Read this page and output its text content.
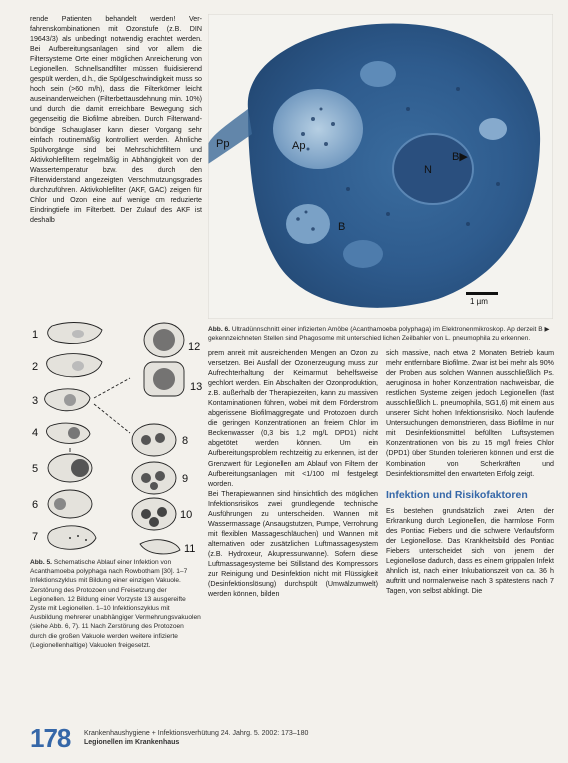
rende Patienten behandelt werden! Verfahrenskombinationen mit Ozonstufe (z.B. DIN 19643/3) als unbedingt notwendig erachtet werden. Bei Aufbereitungsanlagen sind vor allem die Filtersysteme Orte einer möglichen Anreicherung von Legionellen. Schnellsandfilter müssen fluidisierend gespült werden, d.h., die Spülgeschwindigkeit muss so hoch sein (>60 m/h), dass die Filterkörner leicht auseinanderweichen (Filterbettausdehnung min. 10%) und durch die damit erreichbare Bewegung sich gegenseitig die Biofilme abreiben. Durch Filterwand-bündige Schauglaser kann dieser Vorgang sehr einfach routinemäßig kontrolliert werden. Ähnliche Spülvorgänge sind bei Mehrschichtfiltern und Aktivkohlefiltern regelmäßig in Abhängigkeit von der Wassertemperatur bzw. des durch den Filterwiderstand angezeigten Verschmutzungsgrades durchzuführen. Aktivkohlefilter (AKF, GAC) zeigen für Chlor und Ozon eine auf wenige cm reduzierte Eindringtiefe im Filterbett. Der Zulauf des AKF ist deshalb

Pp	Ap
B▶
N
B
1 µm
Abb. 6. Ultradünnschnitt einer infizierten Amöbe (Acanthamoeba polyphaga) im Elektronenmikroskop. Ap derzeit B ▶ gekennzeichneten Stellen sind Phagosome mit unterschied lichen Zeilbahler von L. pneumophila zu erkennen.
1
2
3
4
5
6
7
8
9
10
11
12
13
Abb. 5. Schematische Ablauf einer Infektion von Acanthamoeba polyphaga nach Rowbotham [30]. 1–7 Infektionszyklus mit Bildung einer einzigen Vakuole. Zerstörung des Protozoen und Freisetzung der Legionellen. 12 Bildung einer Vorzyste 13 ausgereifte Zyste mit Legionellen. 1–10 Infektionszyklus mit Ausbildung mehrerer unabhängiger Vermehrungsvakuolen (siehe Abb. 6, 7). 11 Nach Zerstörung des Protozoen durch die großen Vakuole werden weitere infizierte (Legionellenhaltige) Vakuolen freigesetzt.

prem anreit mit ausreichenden Mengen an Ozon zu versetzen. Bei Ausfall der Ozonerzeugung muss zur Aufrechterhaltung der Keimarmut behelfsweise gechlort werden. Ein Abschalten der Ozonproduktion, z.B. außerhalb der Therapiezeiten, kann zu massiven Kontaminationen führen, wobei mit dem Förderstrom abgerissene Biofilmaggregate und Protozoen durch die geringen Konzentrationen an freiem Chlor im Beckenwasser (0,3 bis 1,2 mg/L DPD1) nicht abgetötet werden können. Um ein Aufbereitungsproblem rechtzeitig zu erkennen, ist der Grenzwert für Legionellen am Ablauf von Filtern der Aufbereitungsanlagen mit <1/100 ml festgelegt worden.

Bei Therapiewannen sind hinsichtlich des möglichen Infektionsrisikos zwei grundlegende technische Ausführungen zu unterscheiden. Wannen mit Wassermassage (Ansaugstutzen, Pumpe, Verrohrung mit flexiblen Massageschläuchen) und Wannen mit alternativen oder zusätzlichen Luftmassagesystem (z.B. Hydroxeur, Akupressurwanne). Sofern diese Luftmassagesysteme bei Stillstand des Kompressors zur Reinigung und Desinfektion nicht mit Flüssigkeit (Desinfektionslösung) durchspült (Umwälzumwelt) werden können, bilden

sich massive, nach etwa 2 Monaten Betrieb kaum mehr entfernbare Biofilme. Zwar ist bei mehr als 90% der Proben aus solchen Wannen ausschließlich Ps. aeruginosa in hoher Konzentration nachweisbar, die restlichen Systeme zeigen jedoch Legionellen (fast ausschließlich L. pneumophila, SG1,6) mit einem aus unserer Sicht hohen Infektionsrisiko. Noch laufende Untersuchungen demonstrieren, dass Biofilme in nur mit Desinfektionsmittel befüllten Luftsystemen Konzentrationen von bis zu 15 mg/l freies Chlor (DPD1) über Stunden tolerieren können und erst die Kombination von Scherkräften und Desinfektionsmittel den erwarteten Erfolg zeigt.

Infektion und Risikofaktoren

Es bestehen grundsätzlich zwei Arten der Erkrankung durch Legionellen, die harmlose Form des Pontiac Fiebers und die schwere Verlaufsform der Legionellose. Das Krankheitsbild des Pontiac Fiebers unterscheidet sich von jenem der Legionellose dadurch, dass es einem grippalen Infekt ähnlich ist, nach einer Inkubationszeit von ca. 36 h auftritt und normalerweise nach 3 spätestens nach 7 Tagen, von selbst abklingt. Die

178 Krankenhaushygiene + Infektionsverhütung 24. Jahrg. 5. 2002: 173–180
Legionellen im Krankenhaus
